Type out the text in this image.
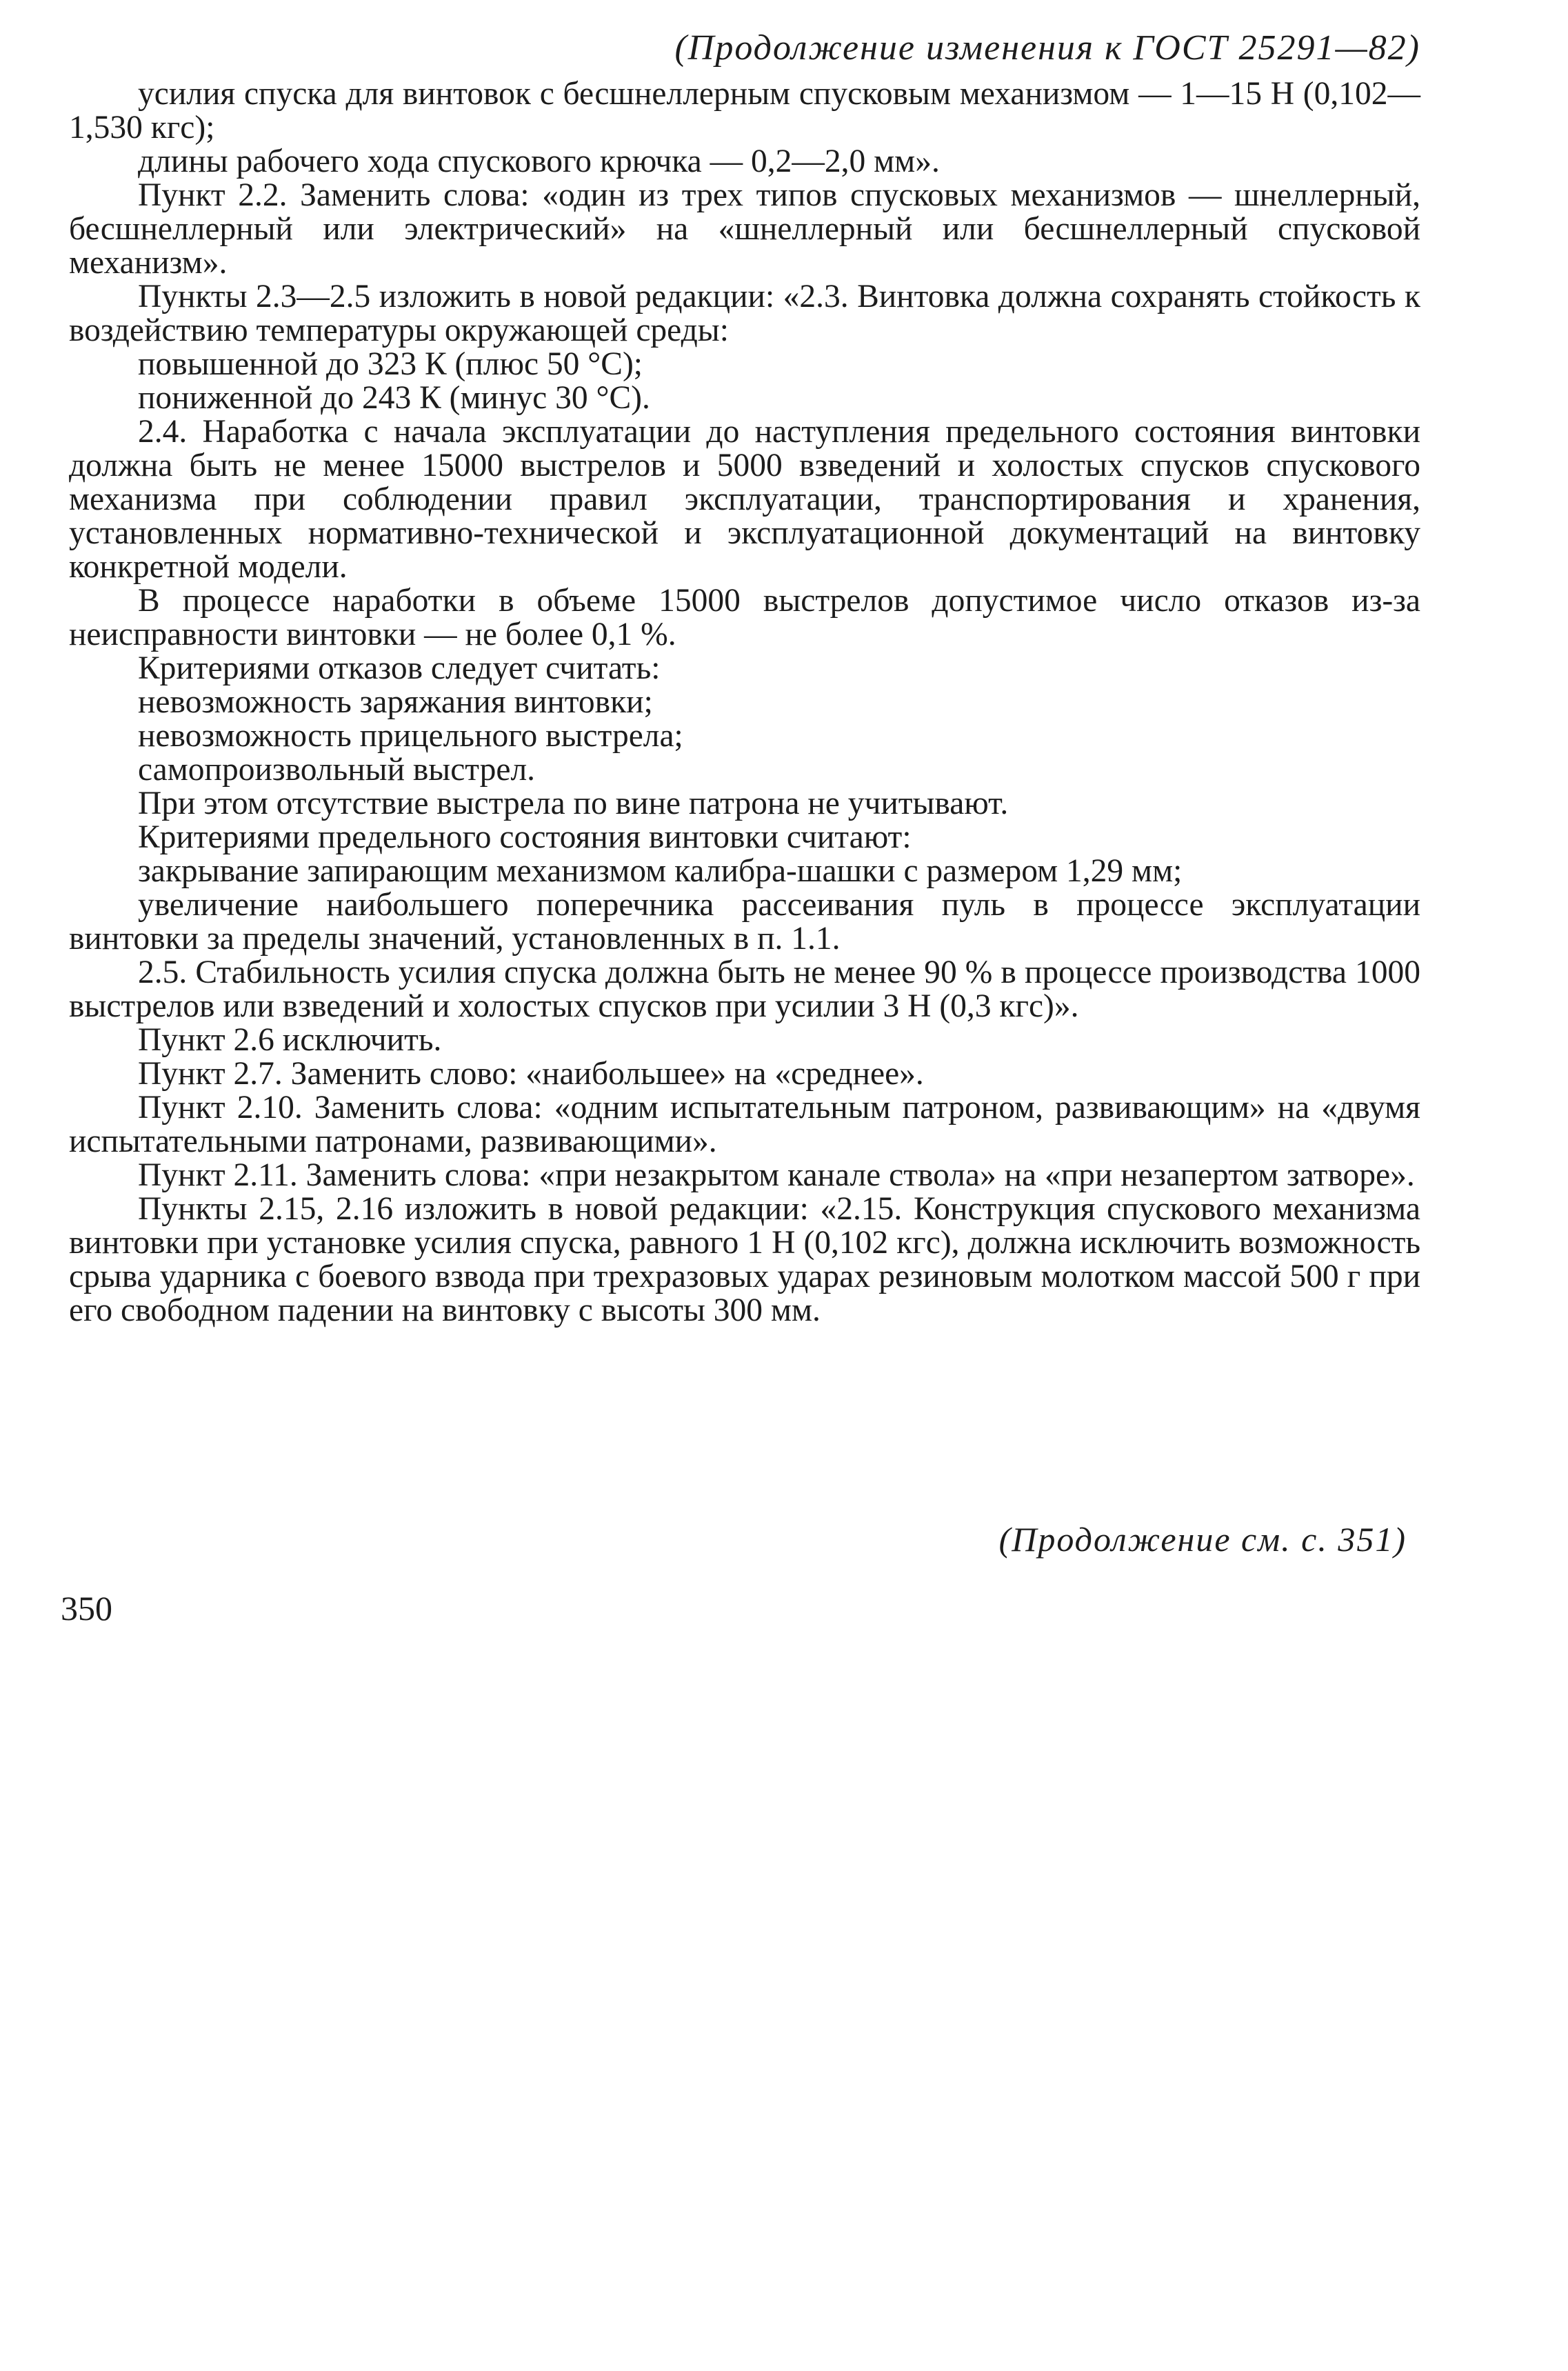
(Продолжение изменения к ГОСТ 25291—82)

усилия спуска для винтовок с бесшнеллерным спусковым механизмом — 1—15 Н (0,102—1,530 кгс);

длины рабочего хода спускового крючка — 0,2—2,0 мм».

Пункт 2.2. Заменить слова: «один из трех типов спусковых механизмов — шнеллерный, бесшнеллерный или электрический» на «шнеллерный или бесшнеллерный спусковой механизм».

Пункты 2.3—2.5 изложить в новой редакции: «2.3. Винтовка должна сохранять стойкость к воздействию температуры окружающей среды:

повышенной до 323 К (плюс 50 °С);

пониженной до 243 К (минус 30 °С).

2.4. Наработка с начала эксплуатации до наступления предельного состояния винтовки должна быть не менее 15000 выстрелов и 5000 взведений и холостых спусков спускового механизма при соблюдении правил эксплуатации, транспортирования и хранения, установленных нормативно-технической и эксплуатационной документаций на винтовку конкретной модели.

В процессе наработки в объеме 15000 выстрелов допустимое число отказов из-за неисправности винтовки — не более 0,1 %.

Критериями отказов следует считать:

невозможность заряжания винтовки;

невозможность прицельного выстрела;

самопроизвольный выстрел.

При этом отсутствие выстрела по вине патрона не учитывают.

Критериями предельного состояния винтовки считают:

закрывание запирающим механизмом калибра-шашки с размером 1,29 мм;

увеличение наибольшего поперечника рассеивания пуль в процессе эксплуатации винтовки за пределы значений, установленных в п. 1.1.

2.5. Стабильность усилия спуска должна быть не менее 90 % в процессе производства 1000 выстрелов или взведений и холостых спусков при усилии 3 Н (0,3 кгс)».

Пункт 2.6 исключить.

Пункт 2.7. Заменить слово: «наибольшее» на «среднее».

Пункт 2.10. Заменить слова: «одним испытательным патроном, развивающим» на «двумя испытательными патронами, развивающими».

Пункт 2.11. Заменить слова: «при незакрытом канале ствола» на «при незапертом затворе».

Пункты 2.15, 2.16 изложить в новой редакции: «2.15. Конструкция спускового механизма винтовки при установке усилия спуска, равного 1 Н (0,102 кгс), должна исключить возможность срыва ударника с боевого взвода при трехразовых ударах резиновым молотком массой 500 г при его свободном падении на винтовку с высоты 300 мм.

(Продолжение см. с. 351)
350
